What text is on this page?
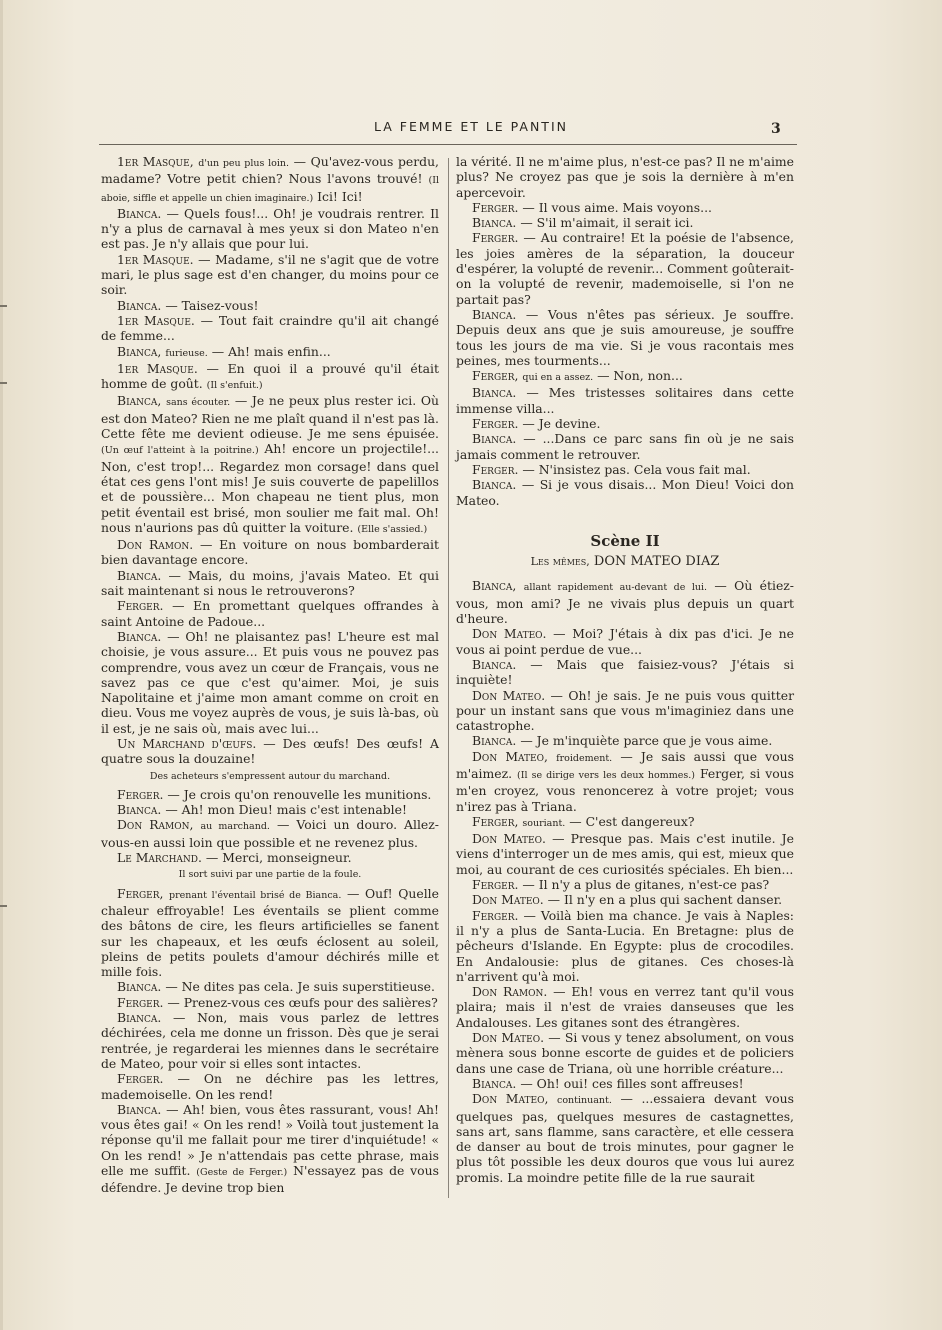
LA FEMME ET LE PANTIN	3

1er Masque, d'un peu plus loin. — Qu'avez-vous perdu, madame? Votre petit chien? Nous l'avons trouvé! (Il aboie, siffle et appelle un chien imaginaire.) Ici! Ici!

Bianca. — Quels fous!... Oh! je voudrais rentrer. Il n'y a plus de carnaval à mes yeux si don Mateo n'en est pas. Je n'y allais que pour lui.

1er Masque. — Madame, s'il ne s'agit que de votre mari, le plus sage est d'en changer, du moins pour ce soir.

Bianca. — Taisez-vous!

1er Masque. — Tout fait craindre qu'il ait changé de femme...

Bianca, furieuse. — Ah! mais enfin...

1er Masque. — En quoi il a prouvé qu'il était homme de goût. (Il s'enfuit.)

Bianca, sans écouter. — Je ne peux plus rester ici. Où est don Mateo? Rien ne me plaît quand il n'est pas là. Cette fête me devient odieuse. Je me sens épuisée. (Un œuf l'atteint à la poitrine.) Ah! encore un projectile!... Non, c'est trop!... Regardez mon corsage! dans quel état ces gens l'ont mis! Je suis couverte de papelillos et de poussière... Mon chapeau ne tient plus, mon petit éventail est brisé, mon soulier me fait mal. Oh! nous n'aurions pas dû quitter la voiture. (Elle s'assied.)

Don Ramon. — En voiture on nous bombarderait bien davantage encore.

Bianca. — Mais, du moins, j'avais Mateo. Et qui sait maintenant si nous le retrouverons?

Ferger. — En promettant quelques offrandes à saint Antoine de Padoue...

Bianca. — Oh! ne plaisantez pas! L'heure est mal choisie, je vous assure... Et puis vous ne pouvez pas comprendre, vous avez un cœur de Français, vous ne savez pas ce que c'est qu'aimer. Moi, je suis Napolitaine et j'aime mon amant comme on croit en dieu. Vous me voyez auprès de vous, je suis là-bas, où il est, je ne sais où, mais avec lui...

Un Marchand d'œufs. — Des œufs! Des œufs! A quatre sous la douzaine!

Des acheteurs s'empressent autour du marchand.

Ferger. — Je crois qu'on renouvelle les munitions.

Bianca. — Ah! mon Dieu! mais c'est intenable!

Don Ramon, au marchand. — Voici un douro. Allez-vous-en aussi loin que possible et ne revenez plus.

Le Marchand. — Merci, monseigneur.

Il sort suivi par une partie de la foule.

Ferger, prenant l'éventail brisé de Bianca. — Ouf! Quelle chaleur effroyable! Les éventails se plient comme des bâtons de cire, les fleurs artificielles se fanent sur les chapeaux, et les œufs éclosent au soleil, pleins de petits poulets d'amour déchirés mille et mille fois.

Bianca. — Ne dites pas cela. Je suis superstitieuse.

Ferger. — Prenez-vous ces œufs pour des salières?

Bianca. — Non, mais vous parlez de lettres déchirées, cela me donne un frisson. Dès que je serai rentrée, je regarderai les miennes dans le secrétaire de Mateo, pour voir si elles sont intactes.

Ferger. — On ne déchire pas les lettres, mademoiselle. On les rend!

Bianca. — Ah! bien, vous êtes rassurant, vous! Ah! vous êtes gai! « On les rend! » Voilà tout justement la réponse qu'il me fallait pour me tirer d'inquiétude! « On les rend! » Je n'attendais pas cette phrase, mais elle me suffit. (Geste de Ferger.) N'essayez pas de vous défendre. Je devine trop bien

la vérité. Il ne m'aime plus, n'est-ce pas? Il ne m'aime plus? Ne croyez pas que je sois la dernière à m'en apercevoir.

Ferger. — Il vous aime. Mais voyons...

Bianca. — S'il m'aimait, il serait ici.

Ferger. — Au contraire! Et la poésie de l'absence, les joies amères de la séparation, la douceur d'espérer, la volupté de revenir... Comment goûterait-on la volupté de revenir, mademoiselle, si l'on ne partait pas?

Bianca. — Vous n'êtes pas sérieux. Je souffre. Depuis deux ans que je suis amoureuse, je souffre tous les jours de ma vie. Si je vous racontais mes peines, mes tourments...

Ferger, qui en a assez. — Non, non...

Bianca. — Mes tristesses solitaires dans cette immense villa...

Ferger. — Je devine.

Bianca. — ...Dans ce parc sans fin où je ne sais jamais comment le retrouver.

Ferger. — N'insistez pas. Cela vous fait mal.

Bianca. — Si je vous disais... Mon Dieu! Voici don Mateo.

Scène II
Les mêmes, DON MATEO DIAZ

Bianca, allant rapidement au-devant de lui. — Où étiez-vous, mon ami? Je ne vivais plus depuis un quart d'heure.

Don Mateo. — Moi? J'étais à dix pas d'ici. Je ne vous ai point perdue de vue...

Bianca. — Mais que faisiez-vous? J'étais si inquiète!

Don Mateo. — Oh! je sais. Je ne puis vous quitter pour un instant sans que vous m'imaginiez dans une catastrophe.

Bianca. — Je m'inquiète parce que je vous aime.

Don Mateo, froidement. — Je sais aussi que vous m'aimez. (Il se dirige vers les deux hommes.) Ferger, si vous m'en croyez, vous renoncerez à votre projet; vous n'irez pas à Triana.

Ferger, souriant. — C'est dangereux?

Don Mateo. — Presque pas. Mais c'est inutile. Je viens d'interroger un de mes amis, qui est, mieux que moi, au courant de ces curiosités spéciales. Eh bien...

Ferger. — Il n'y a plus de gitanes, n'est-ce pas?

Don Mateo. — Il n'y en a plus qui sachent danser.

Ferger. — Voilà bien ma chance. Je vais à Naples: il n'y a plus de Santa-Lucia. En Bretagne: plus de pêcheurs d'Islande. En Egypte: plus de crocodiles. En Andalousie: plus de gitanes. Ces choses-là n'arrivent qu'à moi.

Don Ramon. — Eh! vous en verrez tant qu'il vous plaira; mais il n'est de vraies danseuses que les Andalouses. Les gitanes sont des étrangères.

Don Mateo. — Si vous y tenez absolument, on vous mènera sous bonne escorte de guides et de policiers dans une case de Triana, où une horrible créature...

Bianca. — Oh! oui! ces filles sont affreuses!

Don Mateo, continuant. — ...essaiera devant vous quelques pas, quelques mesures de castagnettes, sans art, sans flamme, sans caractère, et elle cessera de danser au bout de trois minutes, pour gagner le plus tôt possible les deux douros que vous lui aurez promis. La moindre petite fille de la rue saurait
